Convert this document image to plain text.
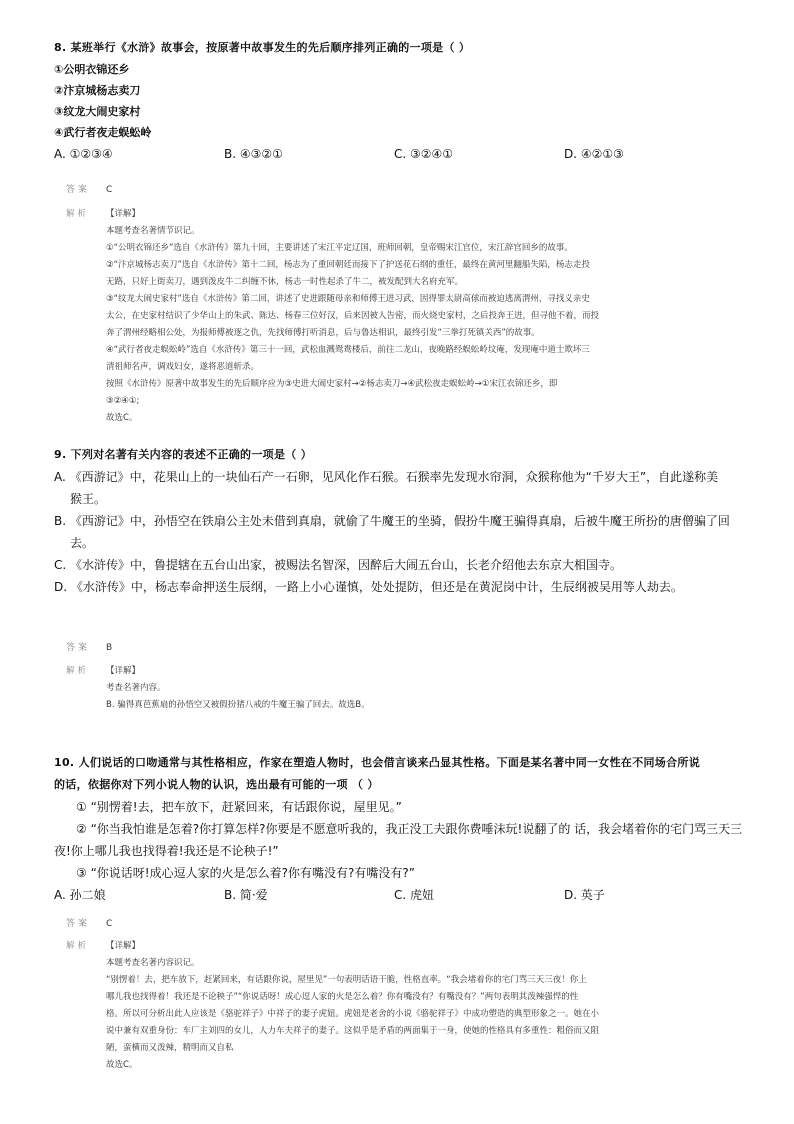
8. 某班举行《水浒》故事会，按原著中故事发生的先后顺序排列正确的一项是（ ）
①公明衣锦还乡
②汴京城杨志卖刀
③纹龙大闹史家村
④武行者夜走蜈蚣岭
A. ①②③④	B. ④③②①	C. ③②④①	D. ④②①③
答案 C
解析 【详解】
本题考查名著情节识记。
①“公明衣锦还乡”选自《水浒传》第九十回，主要讲述了宋江平定辽国，班师回朝，皇帝赐宋江官位，宋江辞官回乡的故事。
②“汴京城杨志卖刀”选自《水浒传》第十二回，杨志为了重回朝廷而接下了护送花石纲的重任，最终在黄河里翻船失陷，杨志走投
无路，只好上街卖刀，遇到泼皮牛二纠缠不休，杨志一时性起杀了牛二，被发配到大名府充军。
③“纹龙大闹史家村”选自《水浒传》第二回，讲述了史进跟随母亲和师傅王进习武，因得罪太尉高俅而被迫逃离渭州，寻找义亲史
太公，在史家村结识了少华山上的朱武、陈达、杨春三位好汉，后来因被人告密，而火烧史家村，之后投奔王进，但寻他不着，而投
奔了渭州经略相公处，为报师傅被逐之仇，先找师傅打听消息，后与鲁达相识，最终引发“三拳打死镇关西”的故事。
④“武行者夜走蜈蚣岭”选自《水浒传》第三十一回，武松血溅鸳鸯楼后，前往二龙山，夜晚路经蜈蚣岭坟庵，发现庵中道士欺坏三
清祖师名声，调戏妇女，遂将恶道斩杀。
按照《水浒传》原著中故事发生的先后顺序应为③史进大闹史家村→②杨志卖刀→④武松夜走蜈蚣岭→①宋江衣锦还乡，即
③②④①;
故选C。
9. 下列对名著有关内容的表述不正确的一项是（ ）
A. 《西游记》中，花果山上的一块仙石产一石卵，见风化作石猴。石猴率先发现水帘洞，众猴称他为“千岁大王”，自此遂称美
猴王。
B. 《西游记》中，孙悟空在铁扇公主处未借到真扇，就偷了牛魔王的坐骑，假扮牛魔王骗得真扇，后被牛魔王所扮的唐僧骗了回
去。
C. 《水浒传》中，鲁提辖在五台山出家，被赐法名智深，因醉后大闹五台山，长老介绍他去东京大相国寺。
D. 《水浒传》中，杨志奉命押送生辰纲，一路上小心谨慎，处处提防，但还是在黄泥岗中计，生辰纲被吴用等人劫去。
答案 B
解析 【详解】
考查名著内容。
B. 骗得真芭蕉扇的孙悟空又被假扮猪八戒的牛魔王骗了回去。故选B。
10. 人们说话的口吻通常与其性格相应，作家在塑造人物时，也会借言谈来凸显其性格。下面是某名著中同一女性在不同场合所说
的话，依据你对下列小说人物的认识，选出最有可能的一项 （ ）
① “别愣着!去，把车放下，赶紧回来，有话跟你说，屋里见。”
② “你当我怕谁是怎着?你打算怎样?你要是不愿意听我的，我正没工夫跟你费唾沫玩!说翻了的 话，我会堵着你的宅门骂三天三
夜!你上哪儿我也找得着!我还是不论秧子!”
③ “你说话呀!成心逗人家的火是怎么着?你有嘴没有?有嘴没有?”
A. 孙二娘	B. 简·爱	C. 虎妞	D. 英子
答案 C
解析 【详解】
本题考查名著内容识记。
“别愣着！去，把车放下，赶紧回来，有话跟你说，屋里见”一句表明话语干脆，性格直率。“我会堵着你的宅门骂三天三夜！你上
哪儿我也找得着！我还是不论秧子”“你说话呀！成心逗人家的火是怎么着？你有嘴没有？有嘴没有？”两句表明其泼辣强悍的性
格。所以可分析出此人应该是《骆驼祥子》中祥子的妻子虎妞。虎妞是老舍的小说《骆驼祥子》中成功塑造的典型形象之一。她在小
说中兼有双重身份：车厂主刘四的女儿，人力车夫祥子的妻子。这似乎是矛盾的两面集于一身，使她的性格具有多重性：粗俗而又阻
陋，蛮横而又泼辣，精明而又自私
故选C。
